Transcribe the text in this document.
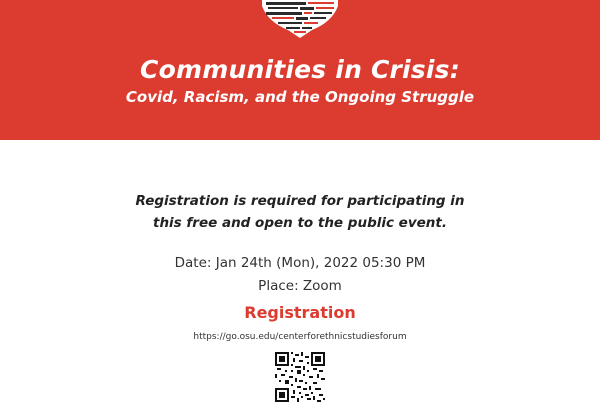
Communities in Crisis:
Covid, Racism, and the Ongoing Struggle
Registration is required for participating in
this free and open to the public event.
Date: Jan 24th (Mon), 2022 05:30 PM
Place: Zoom
Registration
https://go.osu.edu/centerforethnicstudiesforum
